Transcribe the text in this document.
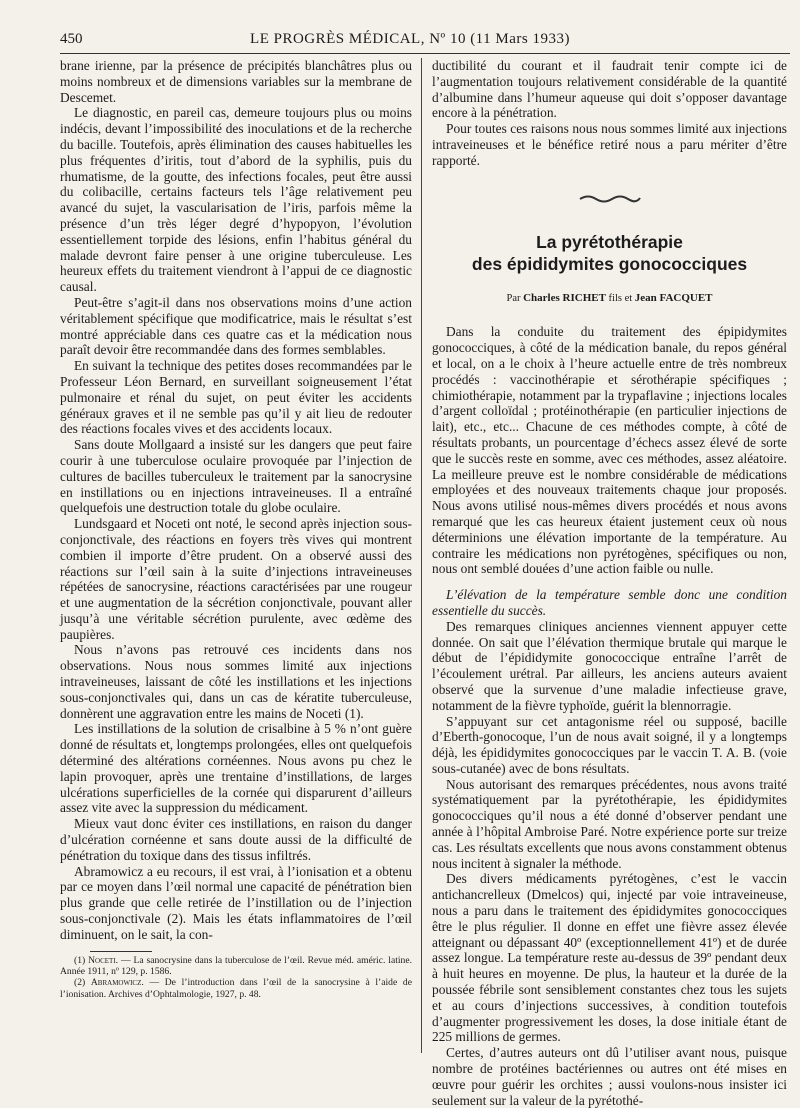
450	LE PROGRÈS MÉDICAL, Nº 10 (11 Mars 1933)

brane irienne, par la présence de précipités blanchâtres plus ou moins nombreux et de dimensions variables sur la membrane de Descemet.

Le diagnostic, en pareil cas, demeure toujours plus ou moins indécis, devant l’impossibilité des inoculations et de la recherche du bacille. Toutefois, après élimination des causes habituelles les plus fréquentes d’iritis, tout d’abord de la syphilis, puis du rhumatisme, de la goutte, des infections focales, peut être aussi du colibacille, certains facteurs tels l’âge relativement peu avancé du sujet, la vascularisation de l’iris, parfois même la présence d’un très léger degré d’hypopyon, l’évolution essentiellement torpide des lésions, enfin l’habitus général du malade devront faire penser à une origine tuberculeuse. Les heureux effets du traitement viendront à l’appui de ce diagnostic causal.

Peut-être s’agit-il dans nos observations moins d’une action véritablement spécifique que modificatrice, mais le résultat s’est montré appréciable dans ces quatre cas et la médication nous paraît devoir être recommandée dans des formes semblables.

En suivant la technique des petites doses recommandées par le Professeur Léon Bernard, en surveillant soigneusement l’état pulmonaire et rénal du sujet, on peut éviter les accidents généraux graves et il ne semble pas qu’il y ait lieu de redouter des réactions focales vives et des accidents locaux.

Sans doute Mollgaard a insisté sur les dangers que peut faire courir à une tuberculose oculaire provoquée par l’injection de cultures de bacilles tuberculeux le traitement par la sanocrysine en instillations ou en injections intraveineuses. Il a entraîné quelquefois une destruction totale du globe oculaire.

Lundsgaard et Noceti ont noté, le second après injection sous-conjonctivale, des réactions en foyers très vives qui montrent combien il importe d’être prudent. On a observé aussi des réactions sur l’œil sain à la suite d’injections intraveineuses répétées de sanocrysine, réactions caractérisées par une rougeur et une augmentation de la sécrétion conjonctivale, pouvant aller jusqu’à une véritable sécrétion purulente, avec œdème des paupières.

Nous n’avons pas retrouvé ces incidents dans nos observations. Nous nous sommes limité aux injections intraveineuses, laissant de côté les instillations et les injections sous-conjonctivales qui, dans un cas de kératite tuberculeuse, donnèrent une aggravation entre les mains de Noceti (1).

Les instillations de la solution de crisalbine à 5 % n’ont guère donné de résultats et, longtemps prolongées, elles ont quelquefois déterminé des altérations cornéennes. Nous avons pu chez le lapin provoquer, après une trentaine d’instillations, de larges ulcérations superficielles de la cornée qui disparurent d’ailleurs assez vite avec la suppression du médicament.

Mieux vaut donc éviter ces instillations, en raison du danger d’ulcération cornéenne et sans doute aussi de la difficulté de pénétration du toxique dans des tissus infiltrés.

Abramowicz a eu recours, il est vrai, à l’ionisation et a obtenu par ce moyen dans l’œil normal une capacité de pénétration bien plus grande que celle retirée de l’instillation ou de l’injection sous-conjonctivale (2). Mais les états inflammatoires de l’œil diminuent, on le sait, la con-

(1) Noceti. — La sanocrysine dans la tuberculose de l’œil. Revue méd. améric. latine. Année 1911, nº 129, p. 1586.
(2) Abramowicz. — De l’introduction dans l’œil de la sanocrysine à l’aide de l’ionisation. Archives d’Ophtalmologie, 1927, p. 48.

ductibilité du courant et il faudrait tenir compte ici de l’augmentation toujours relativement considérable de la quantité d’albumine dans l’humeur aqueuse qui doit s’opposer davantage encore à la pénétration.

Pour toutes ces raisons nous nous sommes limité aux injections intraveineuses et le bénéfice retiré nous a paru mériter d’être rapporté.

La pyrétothérapie
des épididymites gonococciques
Par Charles RICHET fils et Jean FACQUET

Dans la conduite du traitement des épipidymites gonococciques, à côté de la médication banale, du repos général et local, on a le choix à l’heure actuelle entre de très nombreux procédés : vaccinothérapie et sérothérapie spécifiques ; chimiothérapie, notamment par la trypaflavine ; injections locales d’argent colloïdal ; protéinothérapie (en particulier injections de lait), etc., etc... Chacune de ces méthodes compte, à côté de résultats probants, un pourcentage d’échecs assez élevé de sorte que le succès reste en somme, avec ces méthodes, assez aléatoire. La meilleure preuve est le nombre considérable de médications employées et des nouveaux traitements chaque jour proposés. Nous avons utilisé nous-mêmes divers procédés et nous avons remarqué que les cas heureux étaient justement ceux où nous déterminions une élévation importante de la température. Au contraire les médications non pyrétogènes, spécifiques ou non, nous ont semblé douées d’une action faible ou nulle.

L’élévation de la température semble donc une condition essentielle du succès.

Des remarques cliniques anciennes viennent appuyer cette donnée. On sait que l’élévation thermique brutale qui marque le début de l’épididymite gonococcique entraîne l’arrêt de l’écoulement urétral. Par ailleurs, les anciens auteurs avaient observé que la survenue d’une maladie infectieuse grave, notamment de la fièvre typhoïde, guérit la blennorragie.

S’appuyant sur cet antagonisme réel ou supposé, bacille d’Eberth-gonocoque, l’un de nous avait soigné, il y a longtemps déjà, les épididymites gonococciques par le vaccin T. A. B. (voie sous-cutanée) avec de bons résultats.

Nous autorisant des remarques précédentes, nous avons traité systématiquement par la pyrétothérapie, les épididymites gonococciques qu’il nous a été donné d’observer pendant une année à l’hôpital Ambroise Paré. Notre expérience porte sur treize cas. Les résultats excellents que nous avons constamment obtenus nous incitent à signaler la méthode.

Des divers médicaments pyrétogènes, c’est le vaccin antichancrelleux (Dmelcos) qui, injecté par voie intraveineuse, nous a paru dans le traitement des épididymites gonococciques être le plus régulier. Il donne en effet une fièvre assez élevée atteignant ou dépassant 40º (exceptionnellement 41º) et de durée assez longue. La température reste au-dessus de 39º pendant deux à huit heures en moyenne. De plus, la hauteur et la durée de la poussée fébrile sont sensiblement constantes chez tous les sujets et au cours d’injections successives, à condition toutefois d’augmenter progressivement les doses, la dose initiale étant de 225 millions de germes.

Certes, d’autres auteurs ont dû l’utiliser avant nous, puisque nombre de protéines bactériennes ou autres ont été mises en œuvre pour guérir les orchites ; aussi voulons-nous insister ici seulement sur la valeur de la pyrétothé-
